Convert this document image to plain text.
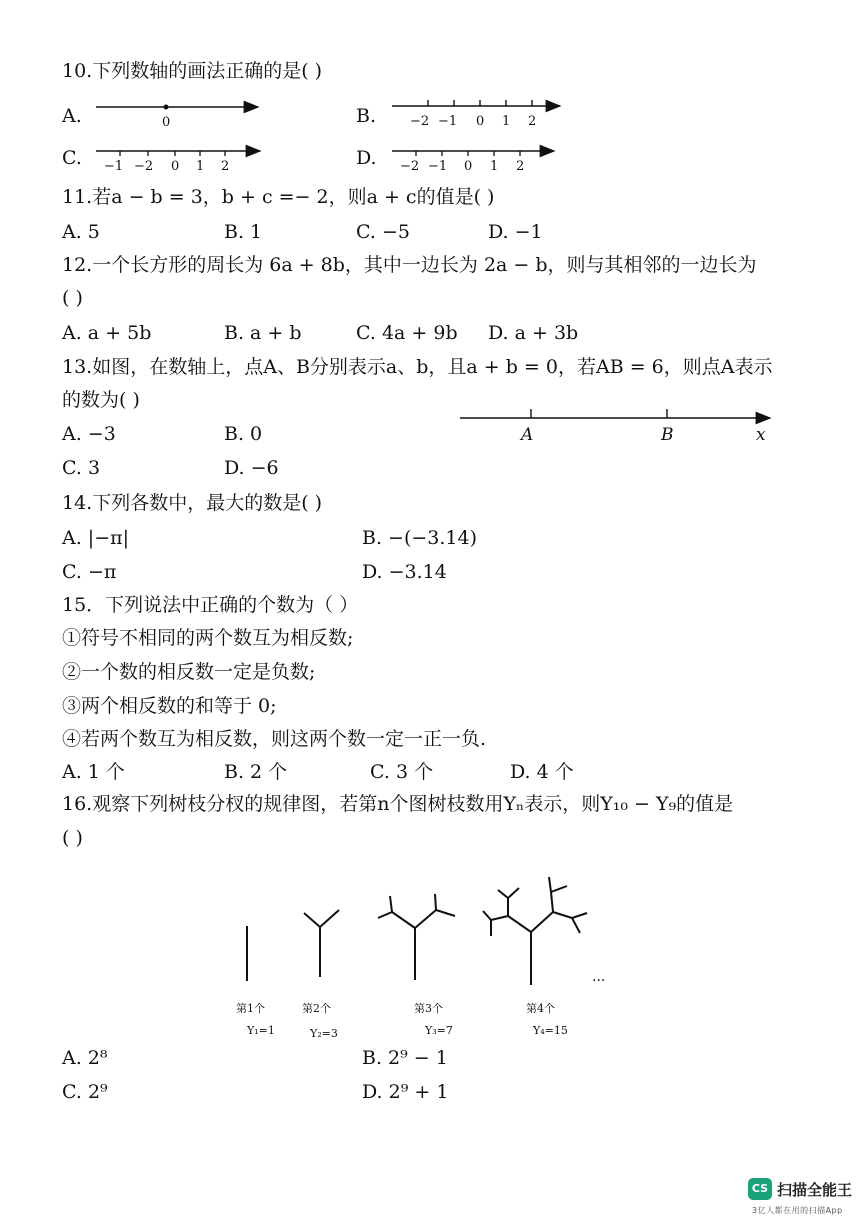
10.下列数轴的画法正确的是( )
A.	B.
C.	D.
0	−2 −1 0 1 2
−1 −2 0 1 2	−2 −1 0 1 2
11.若a − b = 3，b + c =− 2，则a + c的值是( )
A. 5	B. 1	C. −5	D. −1
12.一个长方形的周长为 6a + 8b，其中一边长为 2a − b，则与其相邻的一边长为
( )
A. a + 5b	B. a + b	C. 4a + 9b D. a + 3b
13.如图，在数轴上，点A、B分别表示a、b，且a + b = 0，若AB = 6，则点A表示
的数为( )
A	B	x
A. −3	B. 0
C. 3	D. −6
14.下列各数中，最大的数是( )
A. |−π|	B. −(−3.14)
C. −π	D. −3.14
15．下列说法中正确的个数为（ ）
①符号不相同的两个数互为相反数;
②一个数的相反数一定是负数;
③两个相反数的和等于 0;
④若两个数互为相反数，则这两个数一定一正一负.
A. 1 个	B. 2 个	C. 3 个	D. 4 个
16.观察下列树枝分杈的规律图，若第n个图树枝数用Yₙ表示，则Y₁₀ − Y₉的值是
( )
...
第1个	第2个	第3个	第4个
Y₁=1	Y₂=3	Y₃=7	Y₄=15
A. 2⁸	B. 2⁹ − 1
C. 2⁹	D. 2⁹ + 1
CS 扫描全能王
3亿人都在用的扫描App
